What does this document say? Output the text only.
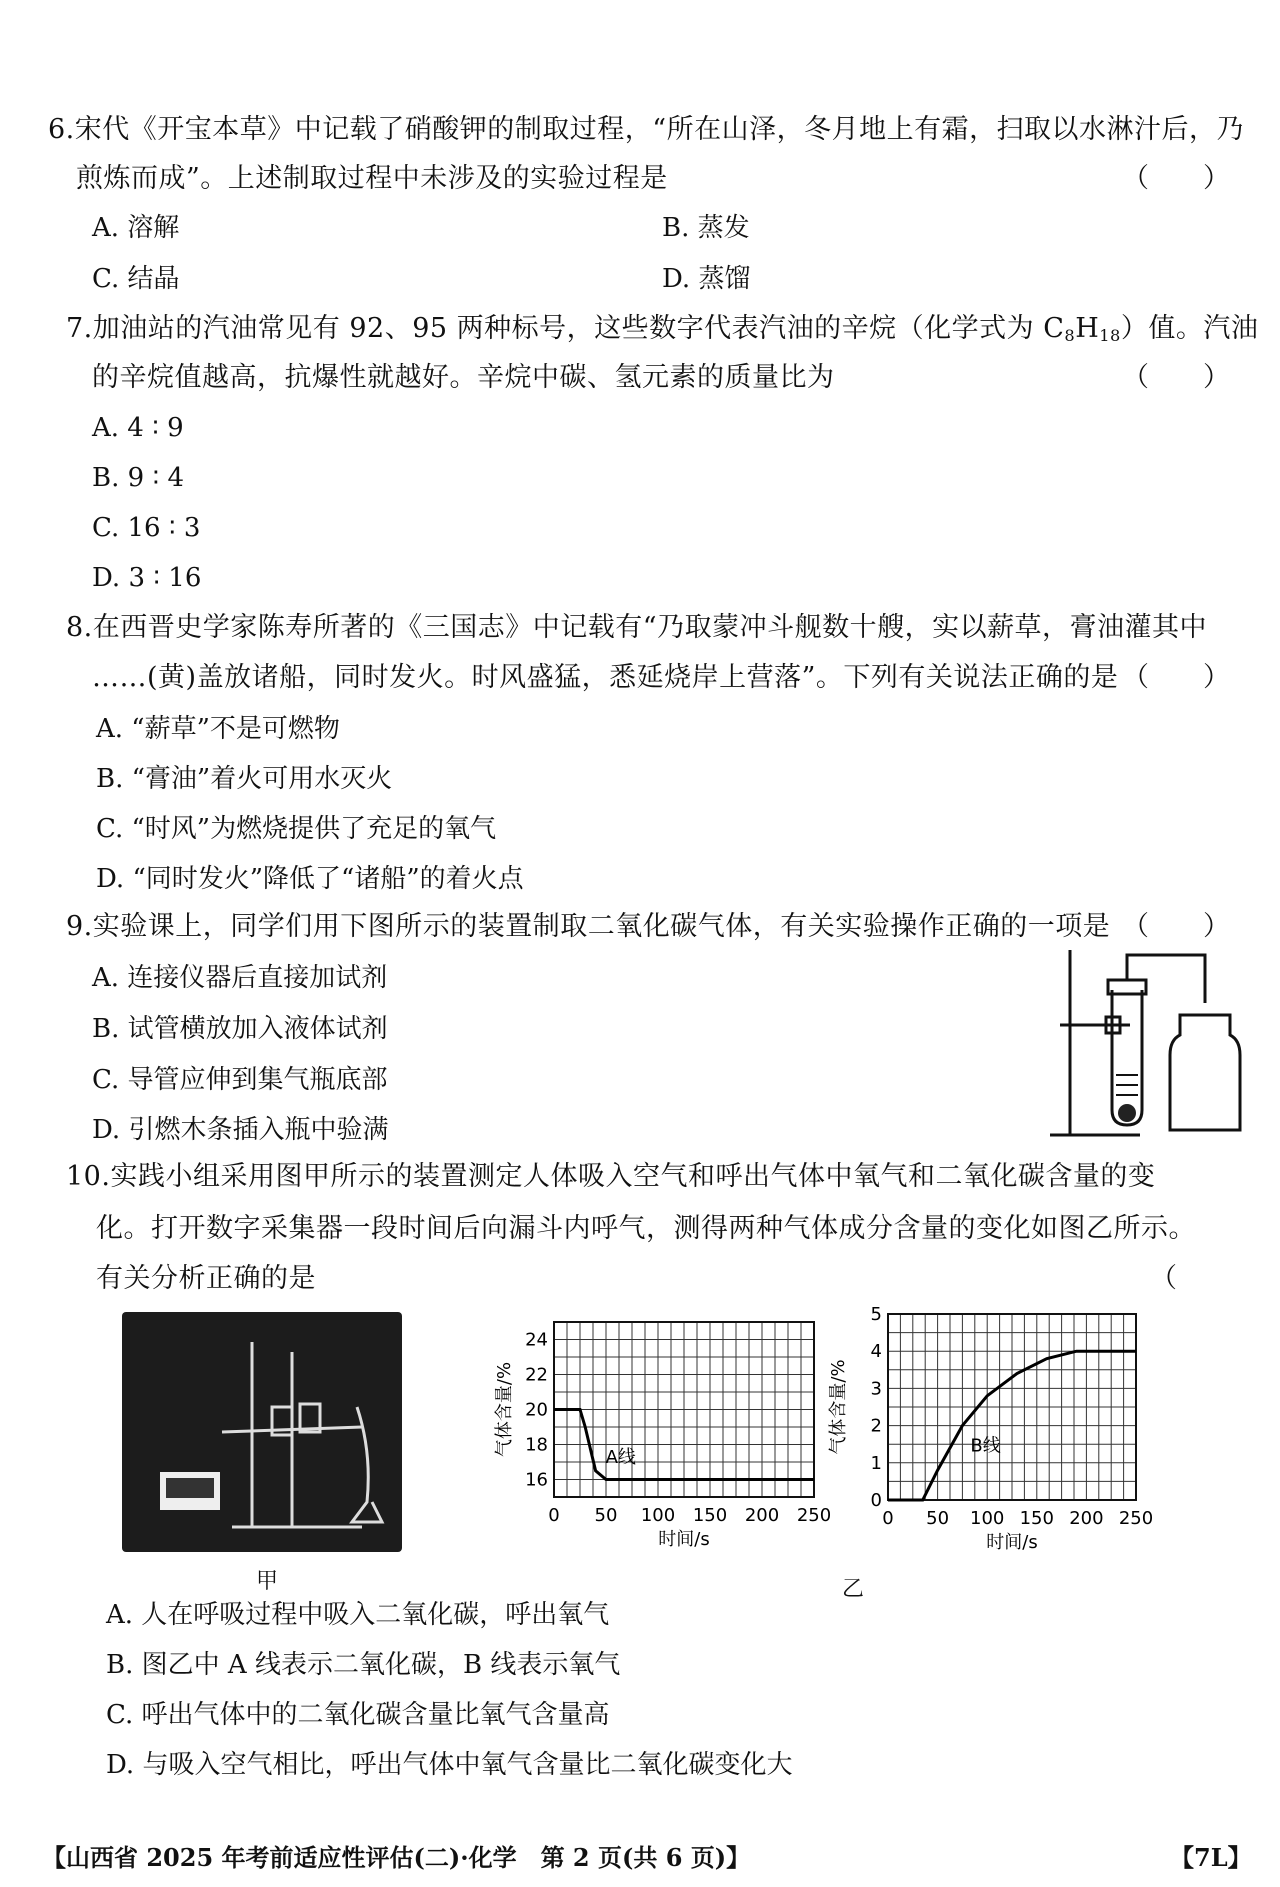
6.宋代《开宝本草》中记载了硝酸钾的制取过程，“所在山泽，冬月地上有霜，扫取以水淋汁后，乃
煎炼而成”。上述制取过程中未涉及的实验过程是	（　　）
A. 溶解	B. 蒸发
C. 结晶	D. 蒸馏
7.加油站的汽油常见有 92、95 两种标号，这些数字代表汽油的辛烷（化学式为 $C_8H_{18}$）值。汽油
的辛烷值越高，抗爆性就越好。辛烷中碳、氢元素的质量比为	（　　）
A. 4 ∶ 9
B. 9 ∶ 4
C. 16 ∶ 3
D. 3 ∶ 16
8.在西晋史学家陈寿所著的《三国志》中记载有“乃取蒙冲斗舰数十艘，实以薪草，膏油灌其中
……(黄)盖放诸船，同时发火。时风盛猛，悉延烧岸上营落”。下列有关说法正确的是 （　　）
A. “薪草”不是可燃物
B. “膏油”着火可用水灭火
C. “时风”为燃烧提供了充足的氧气
D. “同时发火”降低了“诸船”的着火点
9.实验课上，同学们用下图所示的装置制取二氧化碳气体，有关实验操作正确的一项是 （　　）
A. 连接仪器后直接加试剂
B. 试管横放加入液体试剂
C. 导管应伸到集气瓶底部
D. 引燃木条插入瓶中验满
10.实践小组采用图甲所示的装置测定人体吸入空气和呼出气体中氧气和二氧化碳含量的变
化。打开数字采集器一段时间后向漏斗内呼气，测得两种气体成分含量的变化如图乙所示。
有关分析正确的是	（
甲
0 50 100 150 200 250
16
18
20
22
24
时间/s
气体含量/%
A线
0 50 100 150 200 250
0
1
2
3
4
5
时间/s
气体含量/%	B线
乙
A. 人在呼吸过程中吸入二氧化碳，呼出氧气
B. 图乙中 A 线表示二氧化碳，B 线表示氧气
C. 呼出气体中的二氧化碳含量比氧气含量高
D. 与吸入空气相比，呼出气体中氧气含量比二氧化碳变化大
【山西省 2025 年考前适应性评估(二)·化学　第 2 页(共 6 页)】	【7L】
